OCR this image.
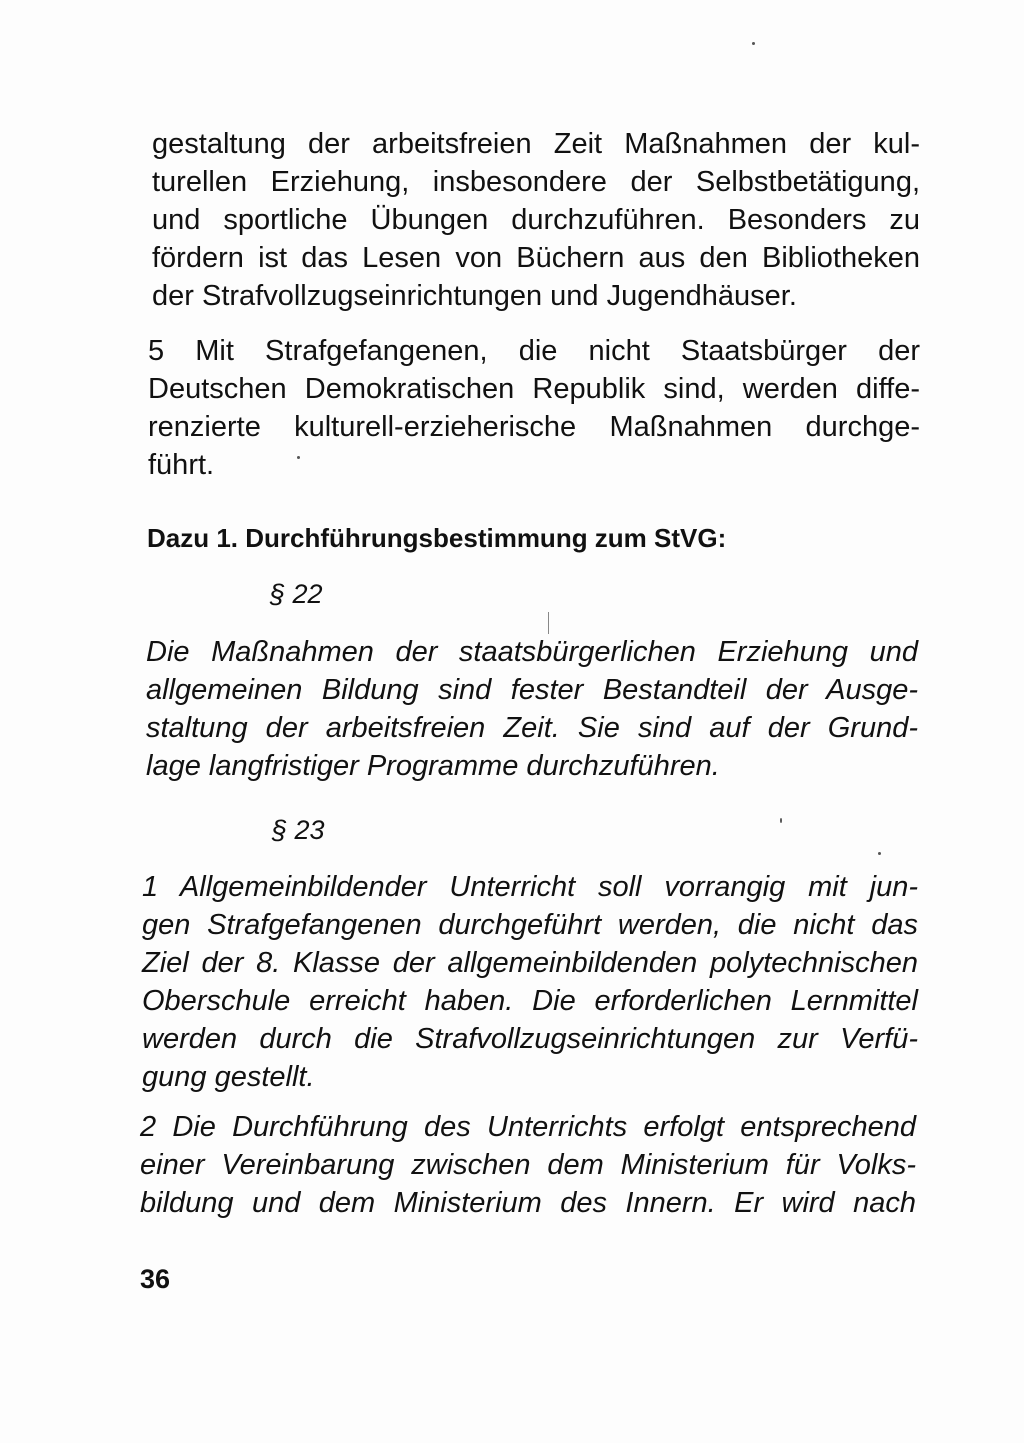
gestaltung der arbeitsfreien Zeit Maßnahmen der kul-

turellen Erziehung, insbesondere der Selbstbetätigung,

und sportliche Übungen durchzuführen. Besonders zu

fördern ist das Lesen von Büchern aus den Bibliotheken

der Strafvollzugseinrichtungen und Jugendhäuser.

5 Mit Strafgefangenen, die nicht Staatsbürger der

Deutschen Demokratischen Republik sind, werden diffe-

renzierte kulturell-erzieherische Maßnahmen durchge-

führt.

Dazu 1. Durchführungsbestimmung zum StVG:

§ 22

Die Maßnahmen der staatsbürgerlichen Erziehung und

allgemeinen Bildung sind fester Bestandteil der Ausge-

staltung der arbeitsfreien Zeit. Sie sind auf der Grund-

lage langfristiger Programme durchzuführen.

§ 23

1 Allgemeinbildender Unterricht soll vorrangig mit jun-

gen Strafgefangenen durchgeführt werden, die nicht das

Ziel der 8. Klasse der allgemeinbildenden polytechnischen

Oberschule erreicht haben. Die erforderlichen Lernmittel

werden durch die Strafvollzugseinrichtungen zur Verfü-

gung gestellt.

2 Die Durchführung des Unterrichts erfolgt entsprechend

einer Vereinbarung zwischen dem Ministerium für Volks-

bildung und dem Ministerium des Innern. Er wird nach

36
